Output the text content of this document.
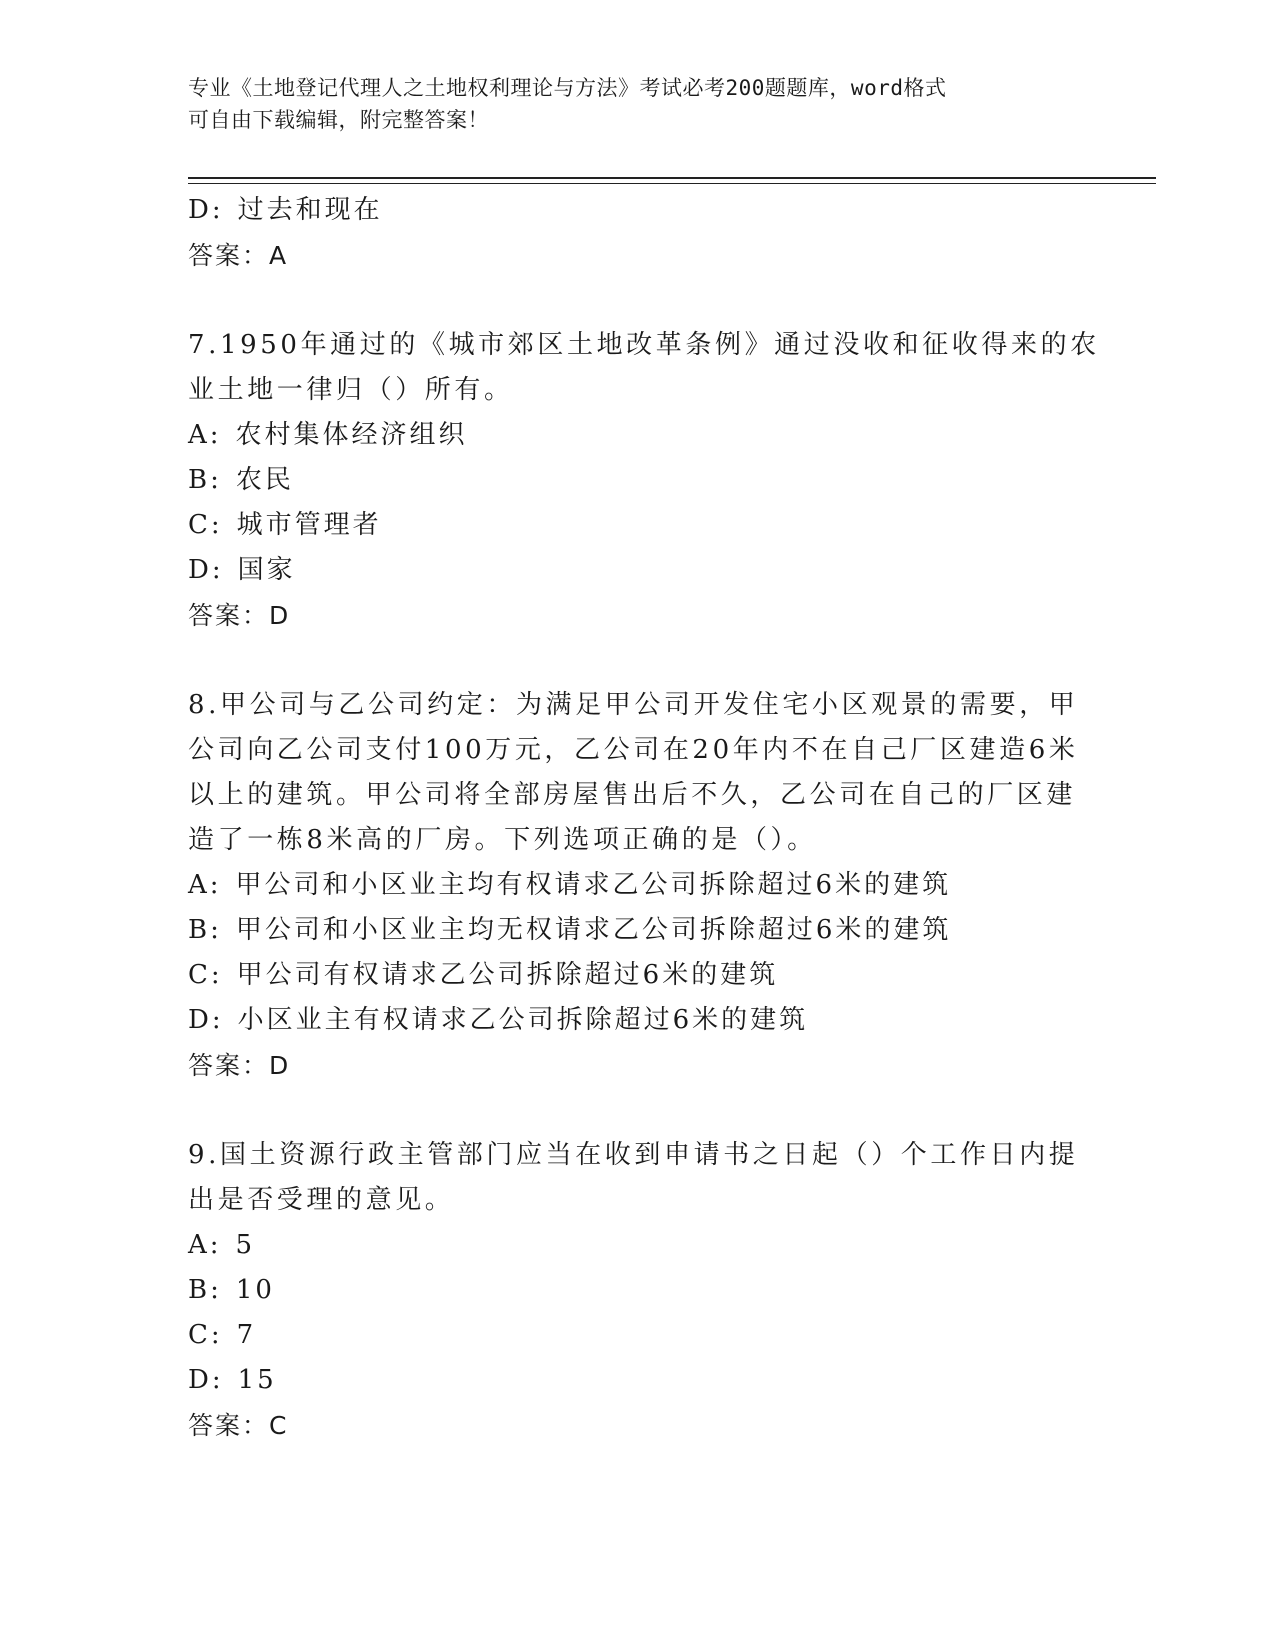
专业《土地登记代理人之土地权利理论与方法》考试必考200题题库，word格式
可自由下载编辑，附完整答案！
D: 过去和现在
答案：A
7.1950年通过的《城市郊区土地改革条例》通过没收和征收得来的农
业土地一律归（）所有。
A: 农村集体经济组织
B: 农民
C: 城市管理者
D: 国家
答案：D
8.甲公司与乙公司约定：为满足甲公司开发住宅小区观景的需要，甲
公司向乙公司支付100万元，乙公司在20年内不在自己厂区建造6米
以上的建筑。甲公司将全部房屋售出后不久，乙公司在自己的厂区建
造了一栋8米高的厂房。下列选项正确的是（）。
A: 甲公司和小区业主均有权请求乙公司拆除超过6米的建筑
B: 甲公司和小区业主均无权请求乙公司拆除超过6米的建筑
C: 甲公司有权请求乙公司拆除超过6米的建筑
D: 小区业主有权请求乙公司拆除超过6米的建筑
答案：D
9.国土资源行政主管部门应当在收到申请书之日起（）个工作日内提
出是否受理的意见。
A: 5
B: 10
C: 7
D: 15
答案：C
